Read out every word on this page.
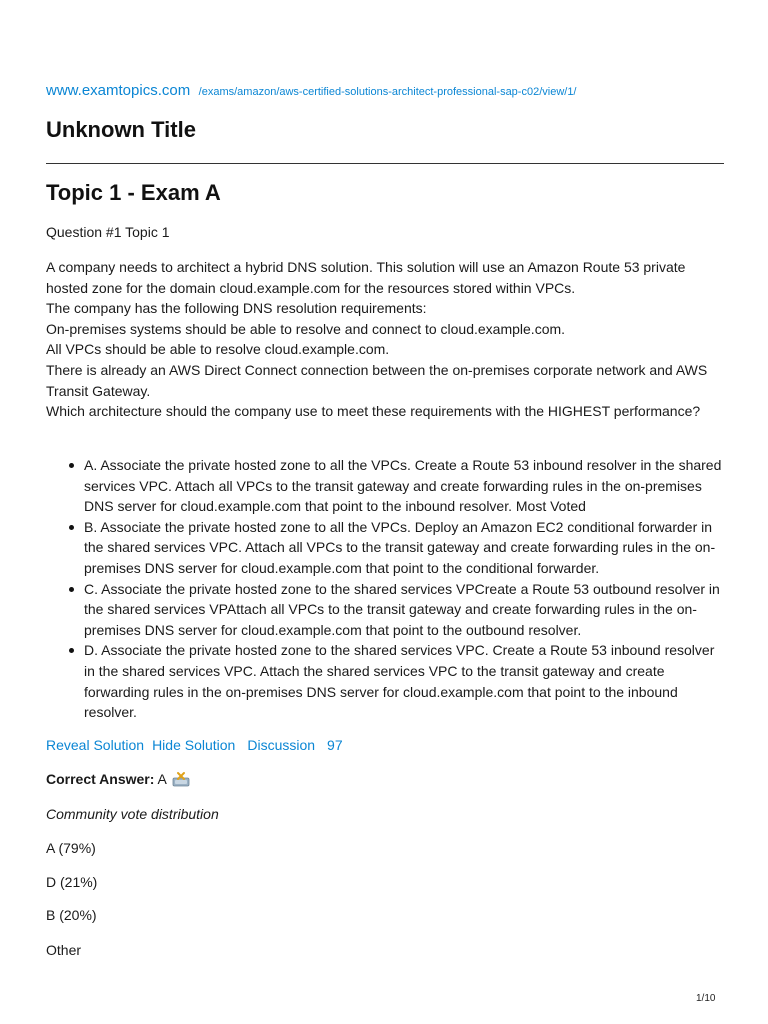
www.examtopics.com /exams/amazon/aws-certified-solutions-architect-professional-sap-c02/view/1/
Unknown Title
Topic 1 - Exam A
Question #1 Topic 1

A company needs to architect a hybrid DNS solution. This solution will use an Amazon Route 53 private hosted zone for the domain cloud.example.com for the resources stored within VPCs.

The company has the following DNS resolution requirements:

On-premises systems should be able to resolve and connect to cloud.example.com.

All VPCs should be able to resolve cloud.example.com.

There is already an AWS Direct Connect connection between the on-premises corporate network and AWS Transit Gateway.

Which architecture should the company use to meet these requirements with the HIGHEST performance?

A. Associate the private hosted zone to all the VPCs. Create a Route 53 inbound resolver in the shared services VPC. Attach all VPCs to the transit gateway and create forwarding rules in the on-premises DNS server for cloud.example.com that point to the inbound resolver. Most Voted
B. Associate the private hosted zone to all the VPCs. Deploy an Amazon EC2 conditional forwarder in the shared services VPC. Attach all VPCs to the transit gateway and create forwarding rules in the on-premises DNS server for cloud.example.com that point to the conditional forwarder.
C. Associate the private hosted zone to the shared services VPCreate a Route 53 outbound resolver in the shared services VPAttach all VPCs to the transit gateway and create forwarding rules in the on-premises DNS server for cloud.example.com that point to the outbound resolver.
D. Associate the private hosted zone to the shared services VPC. Create a Route 53 inbound resolver in the shared services VPC. Attach the shared services VPC to the transit gateway and create forwarding rules in the on-premises DNS server for cloud.example.com that point to the inbound resolver.
Reveal Solution Hide Solution Discussion 97
Correct Answer: A
Community vote distribution
A (79%)
D (21%)
B (20%)
Other
1/10
